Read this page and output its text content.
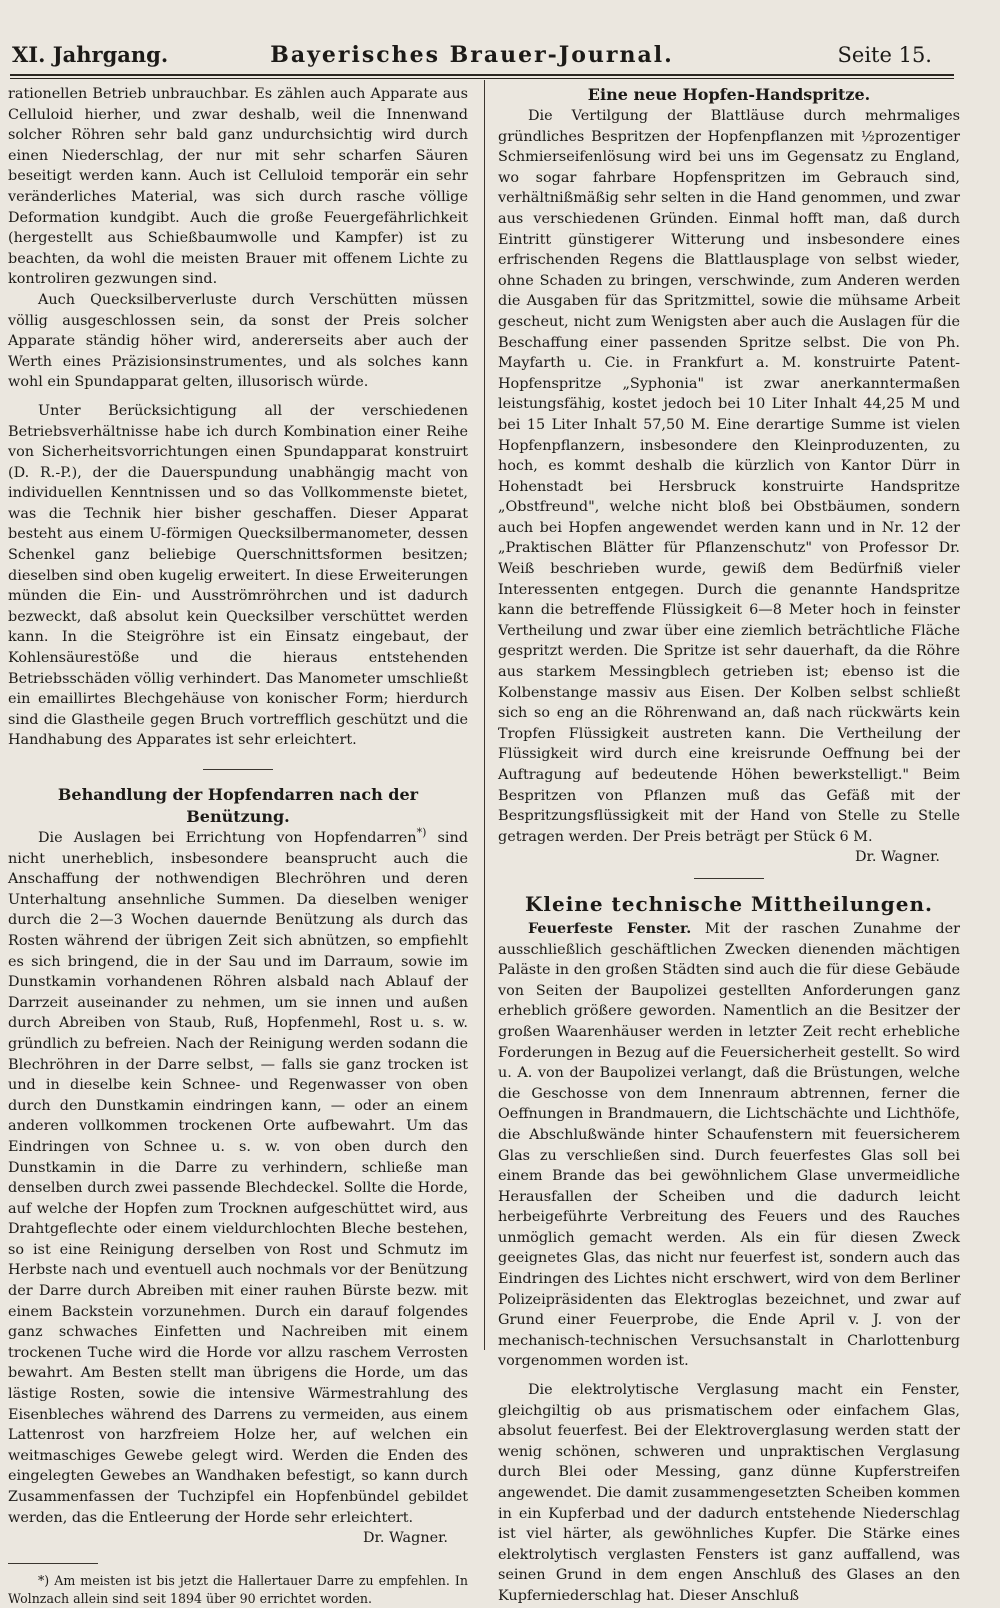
XI. Jahrgang.	Bayerisches Brauer-Journal.	Seite 15.

rationellen Betrieb unbrauchbar. Es zählen auch Apparate aus Celluloid hierher, und zwar deshalb, weil die Innenwand solcher Röhren sehr bald ganz undurchsichtig wird durch einen Niederschlag, der nur mit sehr scharfen Säuren beseitigt werden kann. Auch ist Celluloid temporär ein sehr veränderliches Material, was sich durch rasche völlige Deformation kundgibt. Auch die große Feuergefährlichkeit (hergestellt aus Schießbaumwolle und Kampfer) ist zu beachten, da wohl die meisten Brauer mit offenem Lichte zu kontroliren gezwungen sind.

Auch Quecksilberverluste durch Verschütten müssen völlig ausgeschlossen sein, da sonst der Preis solcher Apparate ständig höher wird, andererseits aber auch der Werth eines Präzisionsinstrumentes, und als solches kann wohl ein Spundapparat gelten, illusorisch würde.

Unter Berücksichtigung all der verschiedenen Betriebsverhältnisse habe ich durch Kombination einer Reihe von Sicherheitsvorrichtungen einen Spundapparat konstruirt (D. R.-P.), der die Dauerspundung unabhängig macht von individuellen Kenntnissen und so das Vollkommenste bietet, was die Technik hier bisher geschaffen. Dieser Apparat besteht aus einem U-förmigen Quecksilbermanometer, dessen Schenkel ganz beliebige Querschnittsformen besitzen; dieselben sind oben kugelig erweitert. In diese Erweiterungen münden die Ein- und Ausströmröhrchen und ist dadurch bezweckt, daß absolut kein Quecksilber verschüttet werden kann. In die Steigröhre ist ein Einsatz eingebaut, der Kohlensäurestöße und die hieraus entstehenden Betriebsschäden völlig verhindert. Das Manometer umschließt ein emaillirtes Blechgehäuse von konischer Form; hierdurch sind die Glastheile gegen Bruch vortrefflich geschützt und die Handhabung des Apparates ist sehr erleichtert.

Behandlung der Hopfendarren nach der Benützung.

Die Auslagen bei Errichtung von Hopfendarren*) sind nicht unerheblich, insbesondere beansprucht auch die Anschaffung der nothwendigen Blechröhren und deren Unterhaltung ansehnliche Summen. Da dieselben weniger durch die 2—3 Wochen dauernde Benützung als durch das Rosten während der übrigen Zeit sich abnützen, so empfiehlt es sich bringend, die in der Sau und im Darraum, sowie im Dunstkamin vorhandenen Röhren alsbald nach Ablauf der Darrzeit auseinander zu nehmen, um sie innen und außen durch Abreiben von Staub, Ruß, Hopfenmehl, Rost u. s. w. gründlich zu befreien. Nach der Reinigung werden sodann die Blechröhren in der Darre selbst, — falls sie ganz trocken ist und in dieselbe kein Schnee- und Regenwasser von oben durch den Dunstkamin eindringen kann, — oder an einem anderen vollkommen trockenen Orte aufbewahrt. Um das Eindringen von Schnee u. s. w. von oben durch den Dunstkamin in die Darre zu verhindern, schließe man denselben durch zwei passende Blechdeckel. Sollte die Horde, auf welche der Hopfen zum Trocknen aufgeschüttet wird, aus Drahtgeflechte oder einem vieldurchlochten Bleche bestehen, so ist eine Reinigung derselben von Rost und Schmutz im Herbste nach und eventuell auch nochmals vor der Benützung der Darre durch Abreiben mit einer rauhen Bürste bezw. mit einem Backstein vorzunehmen. Durch ein darauf folgendes ganz schwaches Einfetten und Nachreiben mit einem trockenen Tuche wird die Horde vor allzu raschem Verrosten bewahrt. Am Besten stellt man übrigens die Horde, um das lästige Rosten, sowie die intensive Wärmestrahlung des Eisenbleches während des Darrens zu vermeiden, aus einem Lattenrost von harzfreiem Holze her, auf welchen ein weitmaschiges Gewebe gelegt wird. Werden die Enden des eingelegten Gewebes an Wandhaken befestigt, so kann durch Zusammenfassen der Tuchzipfel ein Hopfenbündel gebildet werden, das die Entleerung der Horde sehr erleichtert.

Dr. Wagner.

*) Am meisten ist bis jetzt die Hallertauer Darre zu empfehlen. In Wolnzach allein sind seit 1894 über 90 errichtet worden.

Eine neue Hopfen-Handspritze.

Die Vertilgung der Blattläuse durch mehrmaliges gründliches Bespritzen der Hopfenpflanzen mit ½prozentiger Schmierseifenlösung wird bei uns im Gegensatz zu England, wo sogar fahrbare Hopfenspritzen im Gebrauch sind, verhältnißmäßig sehr selten in die Hand genommen, und zwar aus verschiedenen Gründen. Einmal hofft man, daß durch Eintritt günstigerer Witterung und insbesondere eines erfrischenden Regens die Blattlausplage von selbst wieder, ohne Schaden zu bringen, verschwinde, zum Anderen werden die Ausgaben für das Spritzmittel, sowie die mühsame Arbeit gescheut, nicht zum Wenigsten aber auch die Auslagen für die Beschaffung einer passenden Spritze selbst. Die von Ph. Mayfarth u. Cie. in Frankfurt a. M. konstruirte Patent-Hopfenspritze „Syphonia" ist zwar anerkanntermaßen leistungsfähig, kostet jedoch bei 10 Liter Inhalt 44,25 M und bei 15 Liter Inhalt 57,50 M. Eine derartige Summe ist vielen Hopfenpflanzern, insbesondere den Kleinproduzenten, zu hoch, es kommt deshalb die kürzlich von Kantor Dürr in Hohenstadt bei Hersbruck konstruirte Handspritze „Obstfreund", welche nicht bloß bei Obstbäumen, sondern auch bei Hopfen angewendet werden kann und in Nr. 12 der „Praktischen Blätter für Pflanzenschutz" von Professor Dr. Weiß beschrieben wurde, gewiß dem Bedürfniß vieler Interessenten entgegen. Durch die genannte Handspritze kann die betreffende Flüssigkeit 6—8 Meter hoch in feinster Vertheilung und zwar über eine ziemlich beträchtliche Fläche gespritzt werden. Die Spritze ist sehr dauerhaft, da die Röhre aus starkem Messingblech getrieben ist; ebenso ist die Kolbenstange massiv aus Eisen. Der Kolben selbst schließt sich so eng an die Röhrenwand an, daß nach rückwärts kein Tropfen Flüssigkeit austreten kann. Die Vertheilung der Flüssigkeit wird durch eine kreisrunde Oeffnung bei der Auftragung auf bedeutende Höhen bewerkstelligt." Beim Bespritzen von Pflanzen muß das Gefäß mit der Bespritzungsflüssigkeit mit der Hand von Stelle zu Stelle getragen werden. Der Preis beträgt per Stück 6 M.

Dr. Wagner.
Kleine technische Mittheilungen.

Feuerfeste Fenster. Mit der raschen Zunahme der ausschließlich geschäftlichen Zwecken dienenden mächtigen Paläste in den großen Städten sind auch die für diese Gebäude von Seiten der Baupolizei gestellten Anforderungen ganz erheblich größere geworden. Namentlich an die Besitzer der großen Waarenhäuser werden in letzter Zeit recht erhebliche Forderungen in Bezug auf die Feuersicherheit gestellt. So wird u. A. von der Baupolizei verlangt, daß die Brüstungen, welche die Geschosse von dem Innenraum abtrennen, ferner die Oeffnungen in Brandmauern, die Lichtschächte und Lichthöfe, die Abschlußwände hinter Schaufenstern mit feuersicherem Glas zu verschließen sind. Durch feuerfestes Glas soll bei einem Brande das bei gewöhnlichem Glase unvermeidliche Herausfallen der Scheiben und die dadurch leicht herbeigeführte Verbreitung des Feuers und des Rauches unmöglich gemacht werden. Als ein für diesen Zweck geeignetes Glas, das nicht nur feuerfest ist, sondern auch das Eindringen des Lichtes nicht erschwert, wird von dem Berliner Polizeipräsidenten das Elektroglas bezeichnet, und zwar auf Grund einer Feuerprobe, die Ende April v. J. von der mechanisch-technischen Versuchsanstalt in Charlottenburg vorgenommen worden ist.

Die elektrolytische Verglasung macht ein Fenster, gleichgiltig ob aus prismatischem oder einfachem Glas, absolut feuerfest. Bei der Elektroverglasung werden statt der wenig schönen, schweren und unpraktischen Verglasung durch Blei oder Messing, ganz dünne Kupferstreifen angewendet. Die damit zusammengesetzten Scheiben kommen in ein Kupferbad und der dadurch entstehende Niederschlag ist viel härter, als gewöhnliches Kupfer. Die Stärke eines elektrolytisch verglasten Fensters ist ganz auffallend, was seinen Grund in dem engen Anschluß des Glases an den Kupferniederschlag hat. Dieser Anschluß
